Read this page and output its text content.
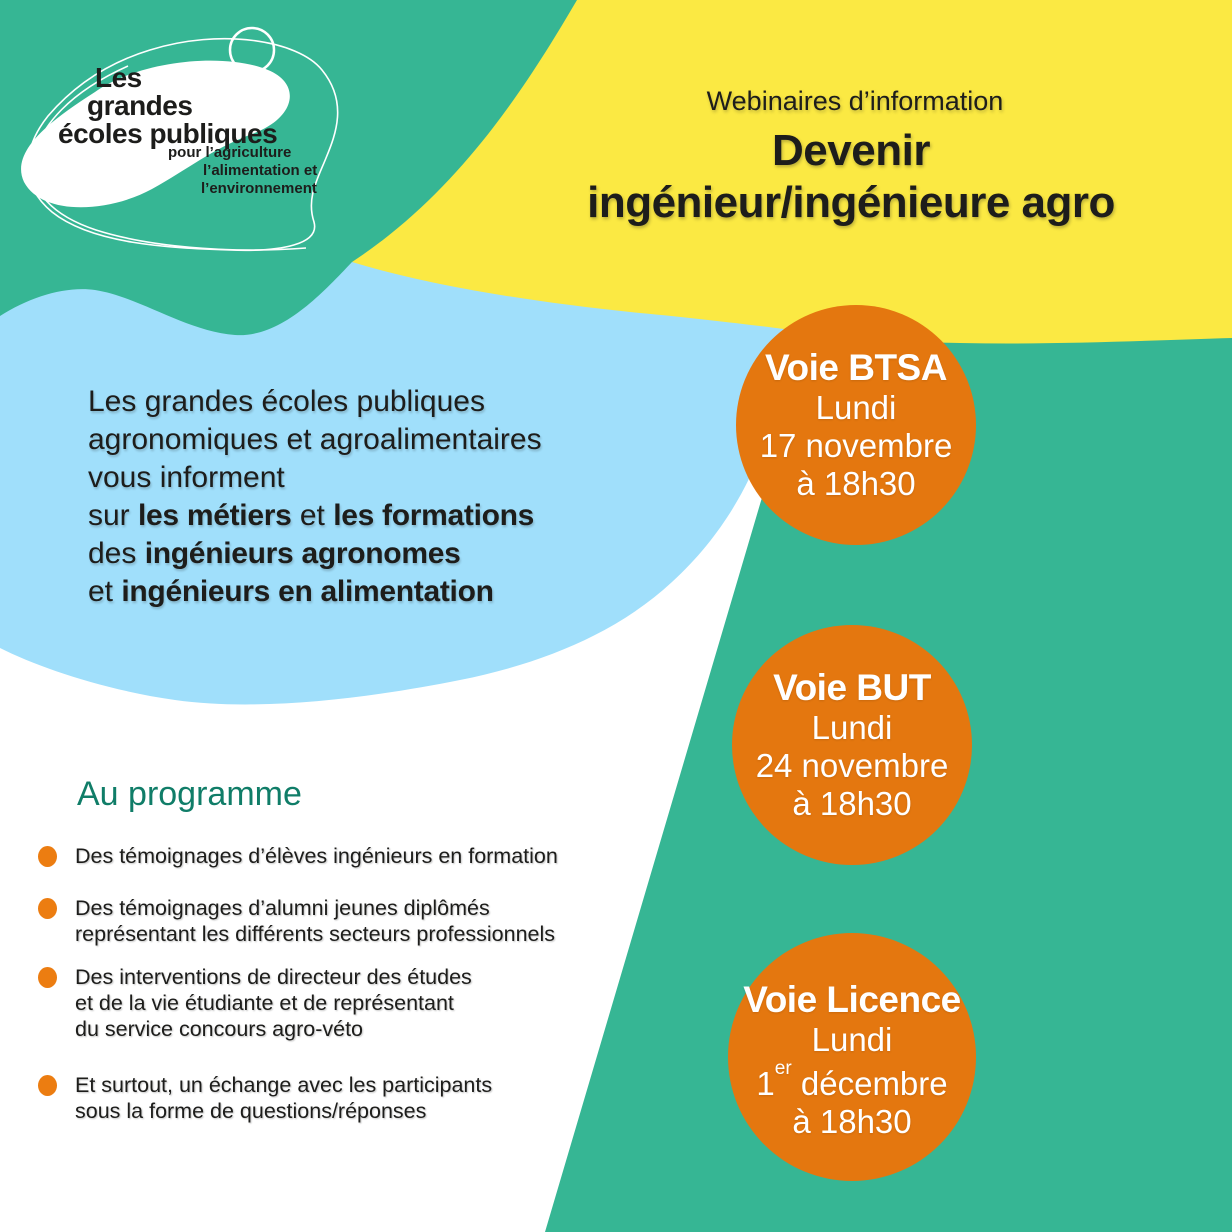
Les
grandes
écoles publiques
pour l’agriculture
l’alimentation et
l’environnement
Webinaires d’information
Devenir
ingénieur/ingénieure agro
Les grandes écoles publiques
agronomiques et agroalimentaires
vous informent
sur les métiers et les formations
des ingénieurs agronomes
et ingénieurs en alimentation
Au programme
Des témoignages d’élèves ingénieurs en formation
Des témoignages d’alumni jeunes diplômés
représentant les différents secteurs professionnels
Des interventions de directeur des études
et de la vie étudiante et de représentant
du service concours agro-véto
Et surtout, un échange avec les participants
sous la forme de questions/réponses
Voie BTSA
Lundi
17 novembre
à 18h30
Voie BUT
Lundi
24 novembre
à 18h30
Voie Licence
Lundi
1er décembre
à 18h30
